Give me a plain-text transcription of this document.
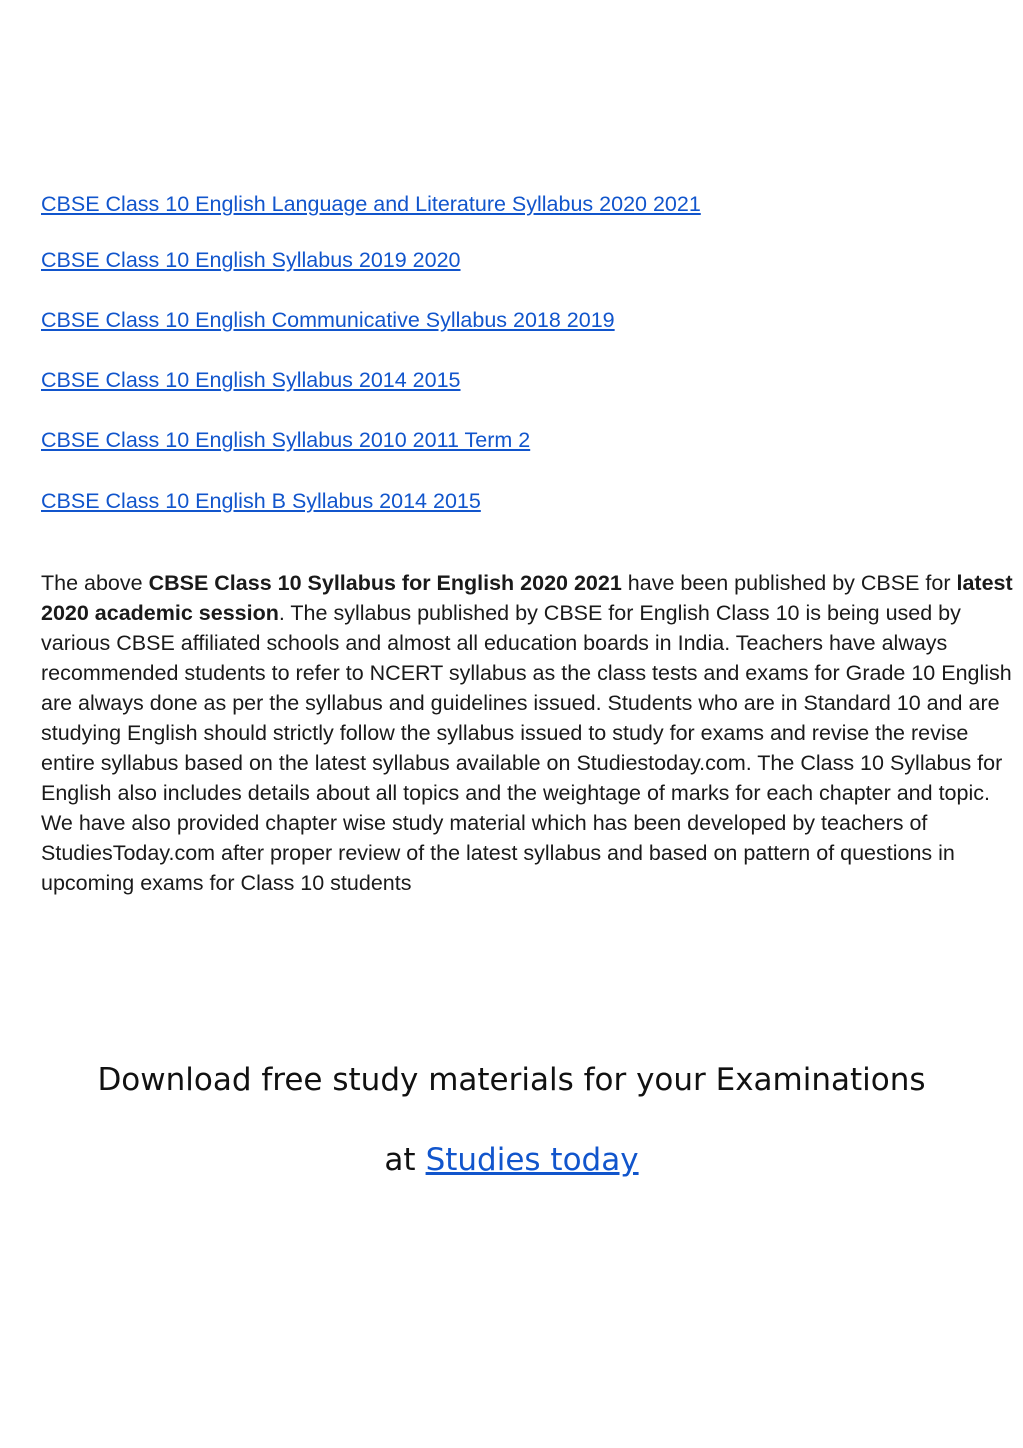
CBSE Class 10 English Language and Literature Syllabus 2020 2021
CBSE Class 10 English Syllabus 2019 2020
CBSE Class 10 English Communicative Syllabus 2018 2019
CBSE Class 10 English Syllabus 2014 2015
CBSE Class 10 English Syllabus 2010 2011 Term 2
CBSE Class 10 English B Syllabus 2014 2015

The above CBSE Class 10 Syllabus for English 2020 2021 have been published by CBSE for latest 2020 academic session. The syllabus published by CBSE for English Class 10 is being used by various CBSE affiliated schools and almost all education boards in India. Teachers have always recommended students to refer to NCERT syllabus as the class tests and exams for Grade 10 English are always done as per the syllabus and guidelines issued. Students who are in Standard 10 and are studying English should strictly follow the syllabus issued to study for exams and revise the revise entire syllabus based on the latest syllabus available on Studiestoday.com. The Class 10 Syllabus for English also includes details about all topics and the weightage of marks for each chapter and topic. We have also provided chapter wise study material which has been developed by teachers of StudiesToday.com after proper review of the latest syllabus and based on pattern of questions in upcoming exams for Class 10 students

Download free study materials for your Examinations
at Studies today
